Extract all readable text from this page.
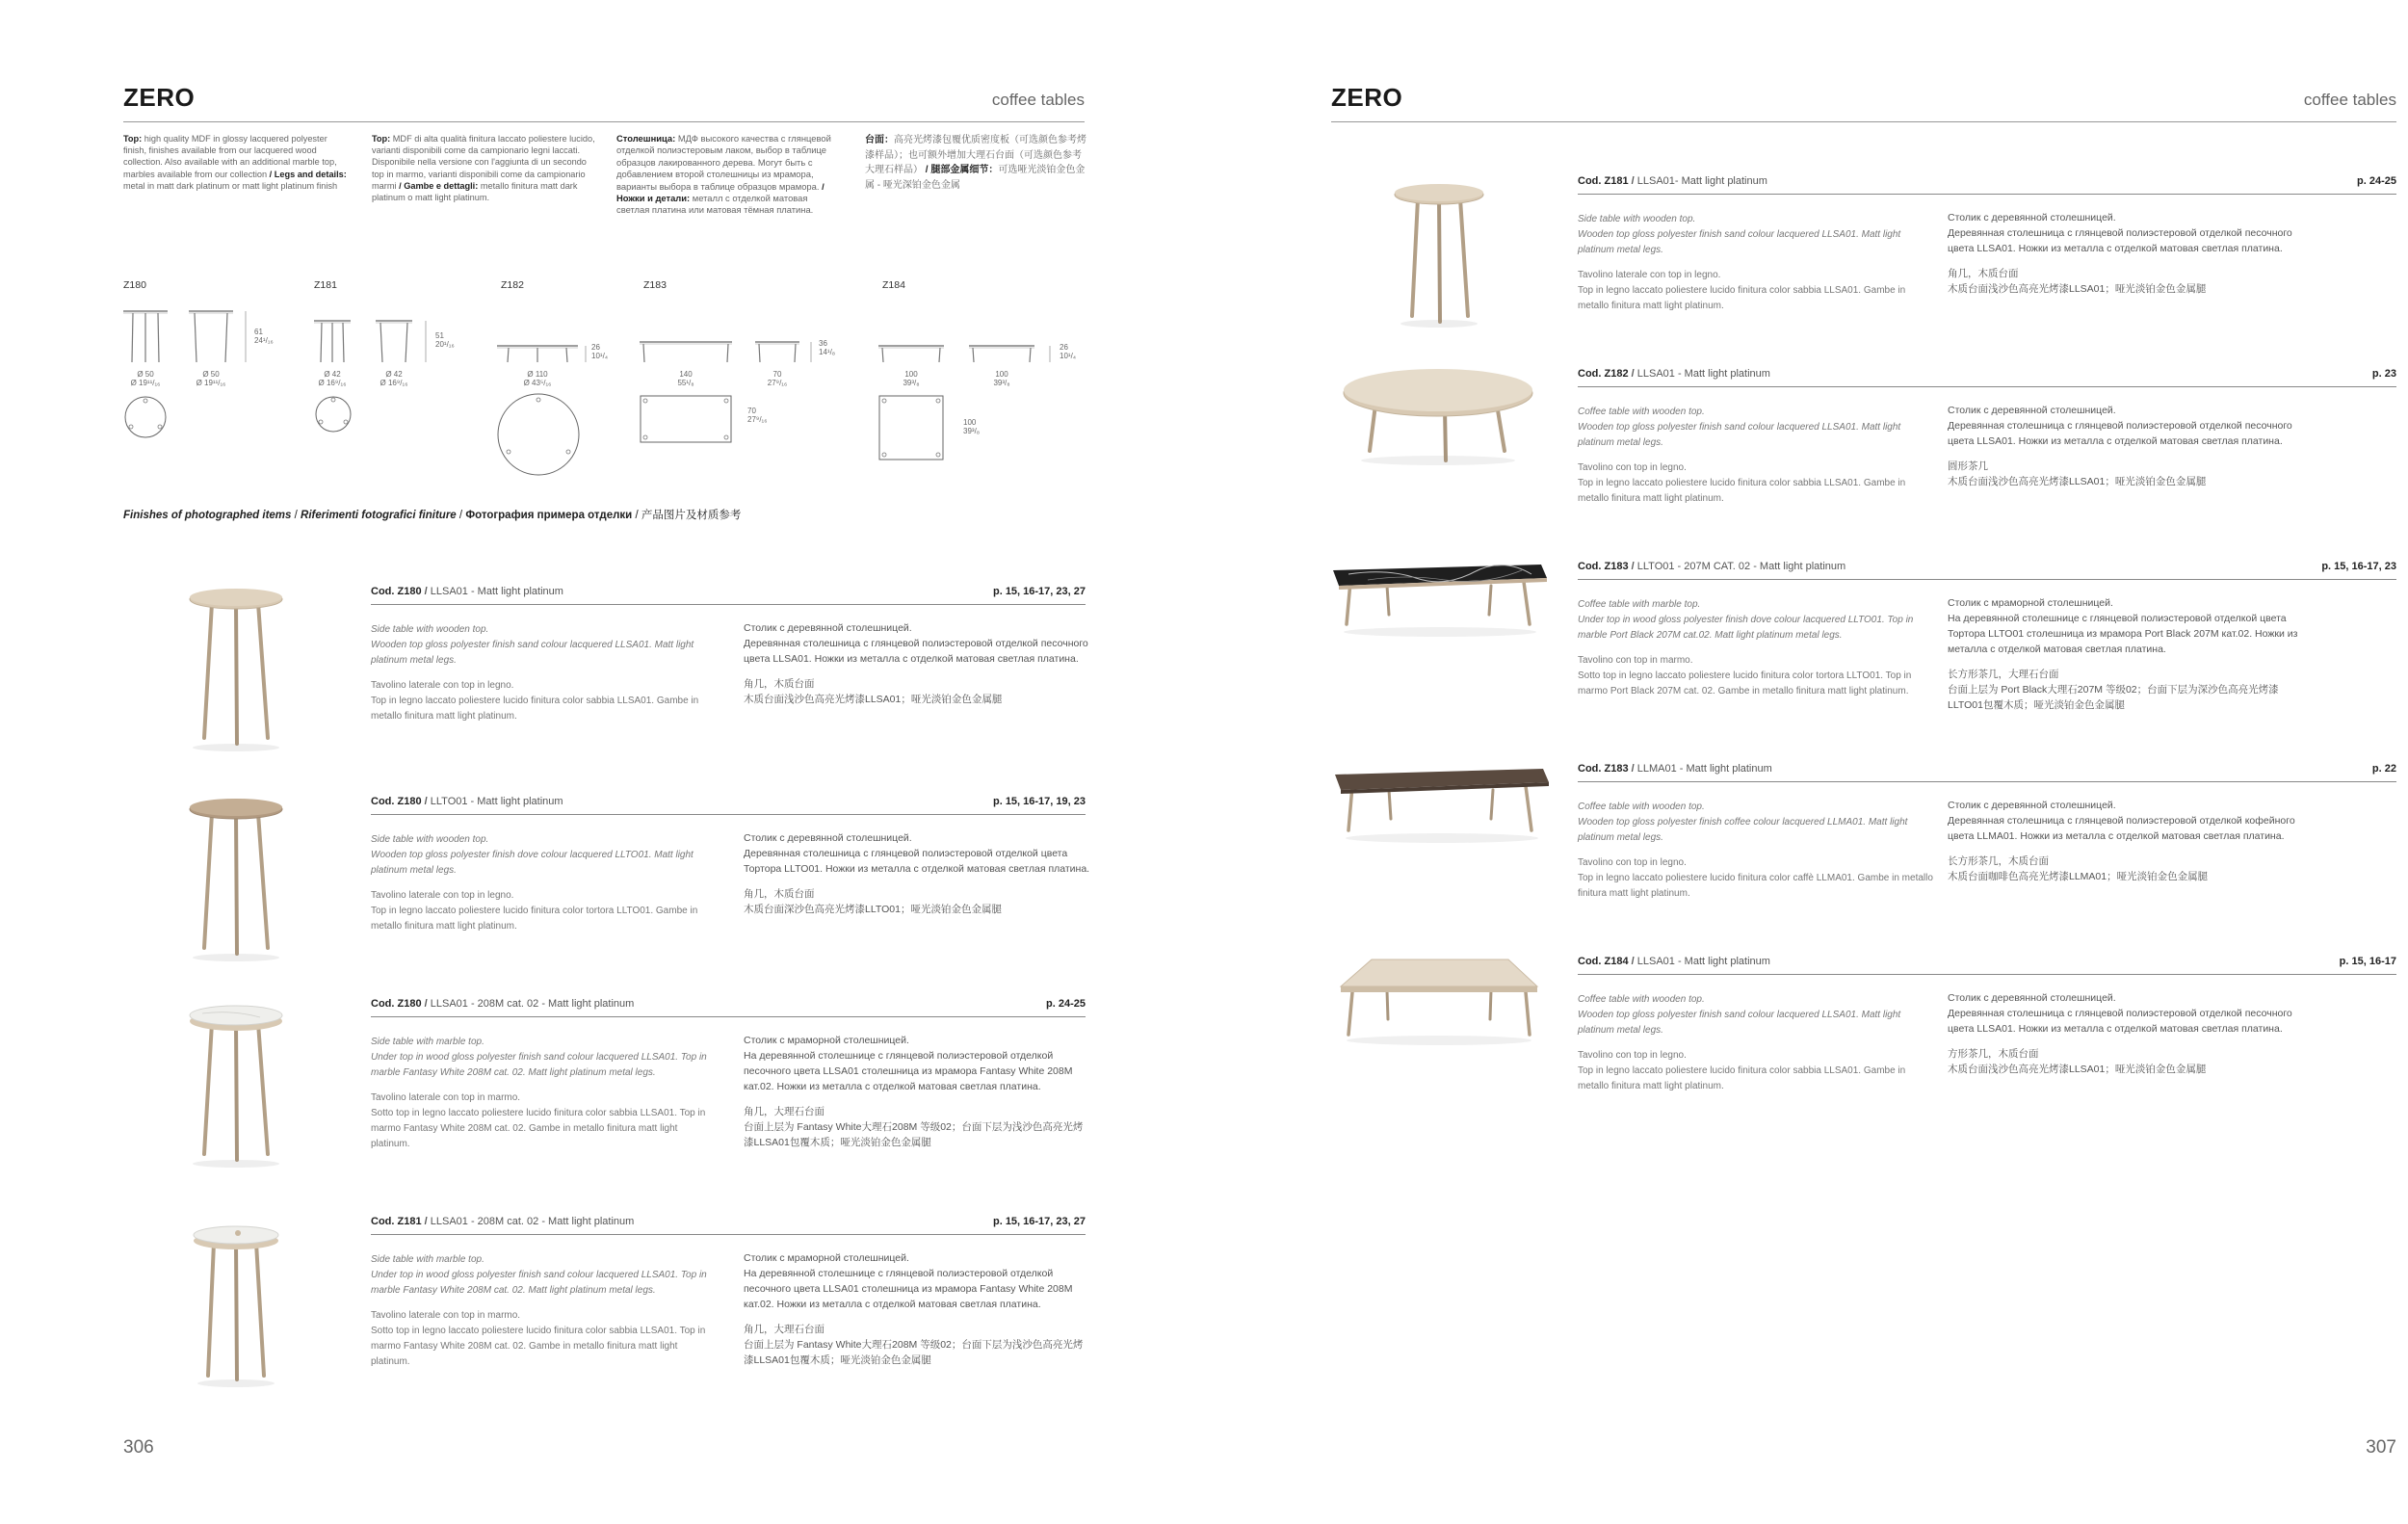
ZERO	coffee tables
Top: high quality MDF in glossy lacquered polyester finish, finishes available from our lacquered wood collection. Also available with an additional marble top, marbles available from our collection / Legs and details: metal in matt dark platinum or matt light platinum finish
Top: MDF di alta qualità finitura laccato poliestere lucido, varianti disponibili come da campionario legni laccati. Disponibile nella versione con l'aggiunta di un secondo top in marmo, varianti disponibili come da campionario marmi / Gambe e dettagli: metallo finitura matt dark platinum o matt light platinum.
Столешница: МДФ высокого качества с глянцевой отделкой полиэстеровым лаком, выбор в таблице образцов лакированного дерева. Могут быть с добавлением второй столешницы из мрамора, варианты выбора в таблице образцов мрамора. / Ножки и детали: металл с отделкой матовая светлая платина или матовая тёмная платина.
台面：高亮光烤漆包覆优质密度板（可选颜色参考烤漆样品）；也可额外增加大理石台面（可选颜色参考大理石样品） / 腿部金属细节：可选哑光淡铂金色金属 - 哑光深铂金色金属
Z180	Z181	Z182	Z183	Z184
61
24¹/₁₆
Ø 50
Ø 19¹¹/₁₆
Ø 50
Ø 19¹¹/₁₆
51
20¹/₁₆
Ø 42
Ø 16⁹/₁₆
Ø 42
Ø 16⁹/₁₆
26
10¹/₄
Ø 110
Ø 43⁵/₁₆
36
14¹/₈
140
55¹/₈
70
27⁹/₁₆
70
27⁹/₁₆
26
10¹/₄
100
39³/₈
100
39³/₈
100
39³/₈
Finishes of photographed items / Riferimenti fotografici finiture / Фотография примера отделки / 产品图片及材质参考
Cod. Z180 / LLSA01 - Matt light platinum	p. 15, 16-17, 23, 27
Side table with wooden top.
Wooden top gloss polyester finish sand colour lacquered LLSA01. Matt light platinum metal legs.
Tavolino laterale con top in legno.
Top in legno laccato poliestere lucido finitura color sabbia LLSA01. Gambe in metallo finitura matt light platinum.
Столик с деревянной столешницей.
Деревянная столешница с глянцевой полиэстеровой отделкой песочного цвета LLSA01. Ножки из металла с отделкой матовая светлая платина.
角几，木质台面
木质台面浅沙色高亮光烤漆LLSA01；哑光淡铂金色金属腿
Cod. Z180 / LLTO01 - Matt light platinum	p. 15, 16-17, 19, 23
Side table with wooden top.
Wooden top gloss polyester finish dove colour lacquered LLTO01. Matt light platinum metal legs.
Tavolino laterale con top in legno.
Top in legno laccato poliestere lucido finitura color tortora LLTO01. Gambe in metallo finitura matt light platinum.
Столик с деревянной столешницей.
Деревянная столешница с глянцевой полиэстеровой отделкой цвета Тортора LLTO01. Ножки из металла с отделкой матовая светлая платина.
角几，木质台面
木质台面深沙色高亮光烤漆LLTO01；哑光淡铂金色金属腿
Cod. Z180 / LLSA01 - 208M cat. 02 - Matt light platinum	p. 24-25
Side table with marble top.
Under top in wood gloss polyester finish sand colour lacquered LLSA01. Top in marble Fantasy White 208M cat. 02. Matt light platinum metal legs.
Tavolino laterale con top in marmo.
Sotto top in legno laccato poliestere lucido finitura color sabbia LLSA01. Top in marmo Fantasy White 208M cat. 02. Gambe in metallo finitura matt light platinum.
Столик с мраморной столешницей.
На деревянной столешнице с глянцевой полиэстеровой отделкой песочного цвета LLSA01 столешница из мрамора Fantasy White 208M кат.02. Ножки из металла с отделкой матовая светлая платина.
角几，大理石台面
台面上层为 Fantasy White大理石208M 等级02；台面下层为浅沙色高亮光烤漆LLSA01包覆木质；哑光淡铂金色金属腿
Cod. Z181 / LLSA01 - 208M cat. 02 - Matt light platinum	p. 15, 16-17, 23, 27
Side table with marble top.
Under top in wood gloss polyester finish sand colour lacquered LLSA01. Top in marble Fantasy White 208M cat. 02. Matt light platinum metal legs.
Tavolino laterale con top in marmo.
Sotto top in legno laccato poliestere lucido finitura color sabbia LLSA01. Top in marmo Fantasy White 208M cat. 02. Gambe in metallo finitura matt light platinum.
Столик с мраморной столешницей.
На деревянной столешнице с глянцевой полиэстеровой отделкой песочного цвета LLSA01 столешница из мрамора Fantasy White 208M кат.02. Ножки из металла с отделкой матовая светлая платина.
角几，大理石台面
台面上层为 Fantasy White大理石208M 等级02；台面下层为浅沙色高亮光烤漆LLSA01包覆木质；哑光淡铂金色金属腿
306
ZERO	coffee tables
Cod. Z181 / LLSA01- Matt light platinum	p. 24-25
Side table with wooden top.
Wooden top gloss polyester finish sand colour lacquered LLSA01. Matt light platinum metal legs.
Tavolino laterale con top in legno.
Top in legno laccato poliestere lucido finitura color sabbia LLSA01. Gambe in metallo finitura matt light platinum.
Столик с деревянной столешницей.
Деревянная столешница с глянцевой полиэстеровой отделкой песочного цвета LLSA01. Ножки из металла с отделкой матовая светлая платина.
角几，木质台面
木质台面浅沙色高亮光烤漆LLSA01；哑光淡铂金色金属腿
Cod. Z182 / LLSA01 - Matt light platinum	p. 23
Coffee table with wooden top.
Wooden top gloss polyester finish sand colour lacquered LLSA01. Matt light platinum metal legs.
Tavolino con top in legno.
Top in legno laccato poliestere lucido finitura color sabbia LLSA01. Gambe in metallo finitura matt light platinum.
Столик с деревянной столешницей.
Деревянная столешница с глянцевой полиэстеровой отделкой песочного цвета LLSA01. Ножки из металла с отделкой матовая светлая платина.
圆形茶几
木质台面浅沙色高亮光烤漆LLSA01；哑光淡铂金色金属腿
Cod. Z183 / LLTO01 - 207M CAT. 02 - Matt light platinum	p. 15, 16-17, 23
Coffee table with marble top.
Under top in wood gloss polyester finish dove colour lacquered LLTO01. Top in marble Port Black 207M cat.02. Matt light platinum metal legs.
Tavolino con top in marmo.
Sotto top in legno laccato poliestere lucido finitura color tortora LLTO01. Top in marmo Port Black 207M cat. 02. Gambe in metallo finitura matt light platinum.
Столик с мраморной столешницей.
На деревянной столешнице с глянцевой полиэстеровой отделкой цвета Тортора LLTO01 столешница из мрамора Port Black 207M кат.02. Ножки из металла с отделкой матовая светлая платина.
长方形茶几，大理石台面
台面上层为 Port Black大理石207M 等级02；台面下层为深沙色高亮光烤漆LLTO01包覆木质；哑光淡铂金色金属腿
Cod. Z183 / LLMA01 - Matt light platinum	p. 22
Coffee table with wooden top.
Wooden top gloss polyester finish coffee colour lacquered LLMA01. Matt light platinum metal legs.
Tavolino con top in legno.
Top in legno laccato poliestere lucido finitura color caffè LLMA01. Gambe in metallo finitura matt light platinum.
Столик с деревянной столешницей.
Деревянная столешница с глянцевой полиэстеровой отделкой кофейного цвета LLMA01. Ножки из металла с отделкой матовая светлая платина.
长方形茶几，木质台面
木质台面咖啡色高亮光烤漆LLMA01；哑光淡铂金色金属腿
Cod. Z184 / LLSA01 - Matt light platinum	p. 15, 16-17
Coffee table with wooden top.
Wooden top gloss polyester finish sand colour lacquered LLSA01. Matt light platinum metal legs.
Tavolino con top in legno.
Top in legno laccato poliestere lucido finitura color sabbia LLSA01. Gambe in metallo finitura matt light platinum.
Столик с деревянной столешницей.
Деревянная столешница с глянцевой полиэстеровой отделкой песочного цвета LLSA01. Ножки из металла с отделкой матовая светлая платина.
方形茶几，木质台面
木质台面浅沙色高亮光烤漆LLSA01；哑光淡铂金色金属腿
307
